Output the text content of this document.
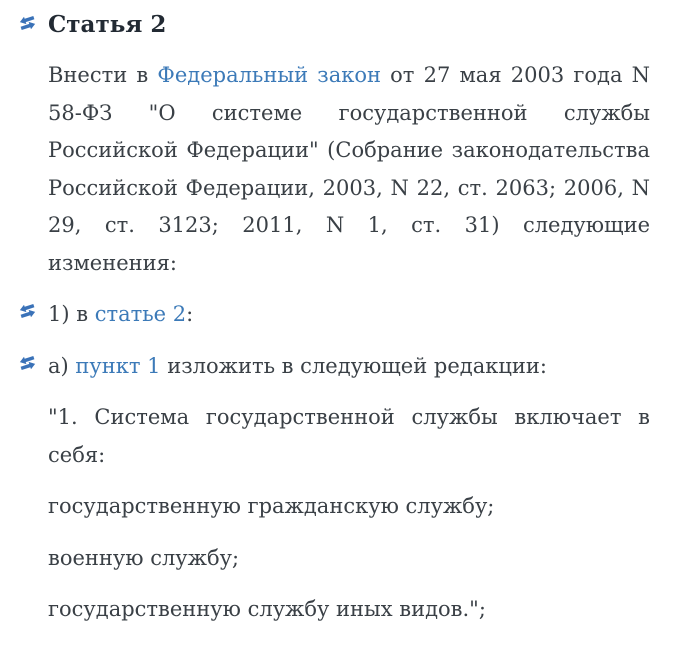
Статья 2

Внести в Федеральный закон от 27 мая 2003 года N 58-ФЗ "О системе государственной службы Российской Федерации" (Собрание законодательства Российской Федерации, 2003, N 22, ст. 2063; 2006, N 29, ст. 3123; 2011, N 1, ст. 31) следующие изменения:

1) в статье 2:

а) пункт 1 изложить в следующей редакции:

"1. Система государственной службы включает в себя:

государственную гражданскую службу;

военную службу;

государственную службу иных видов.";
